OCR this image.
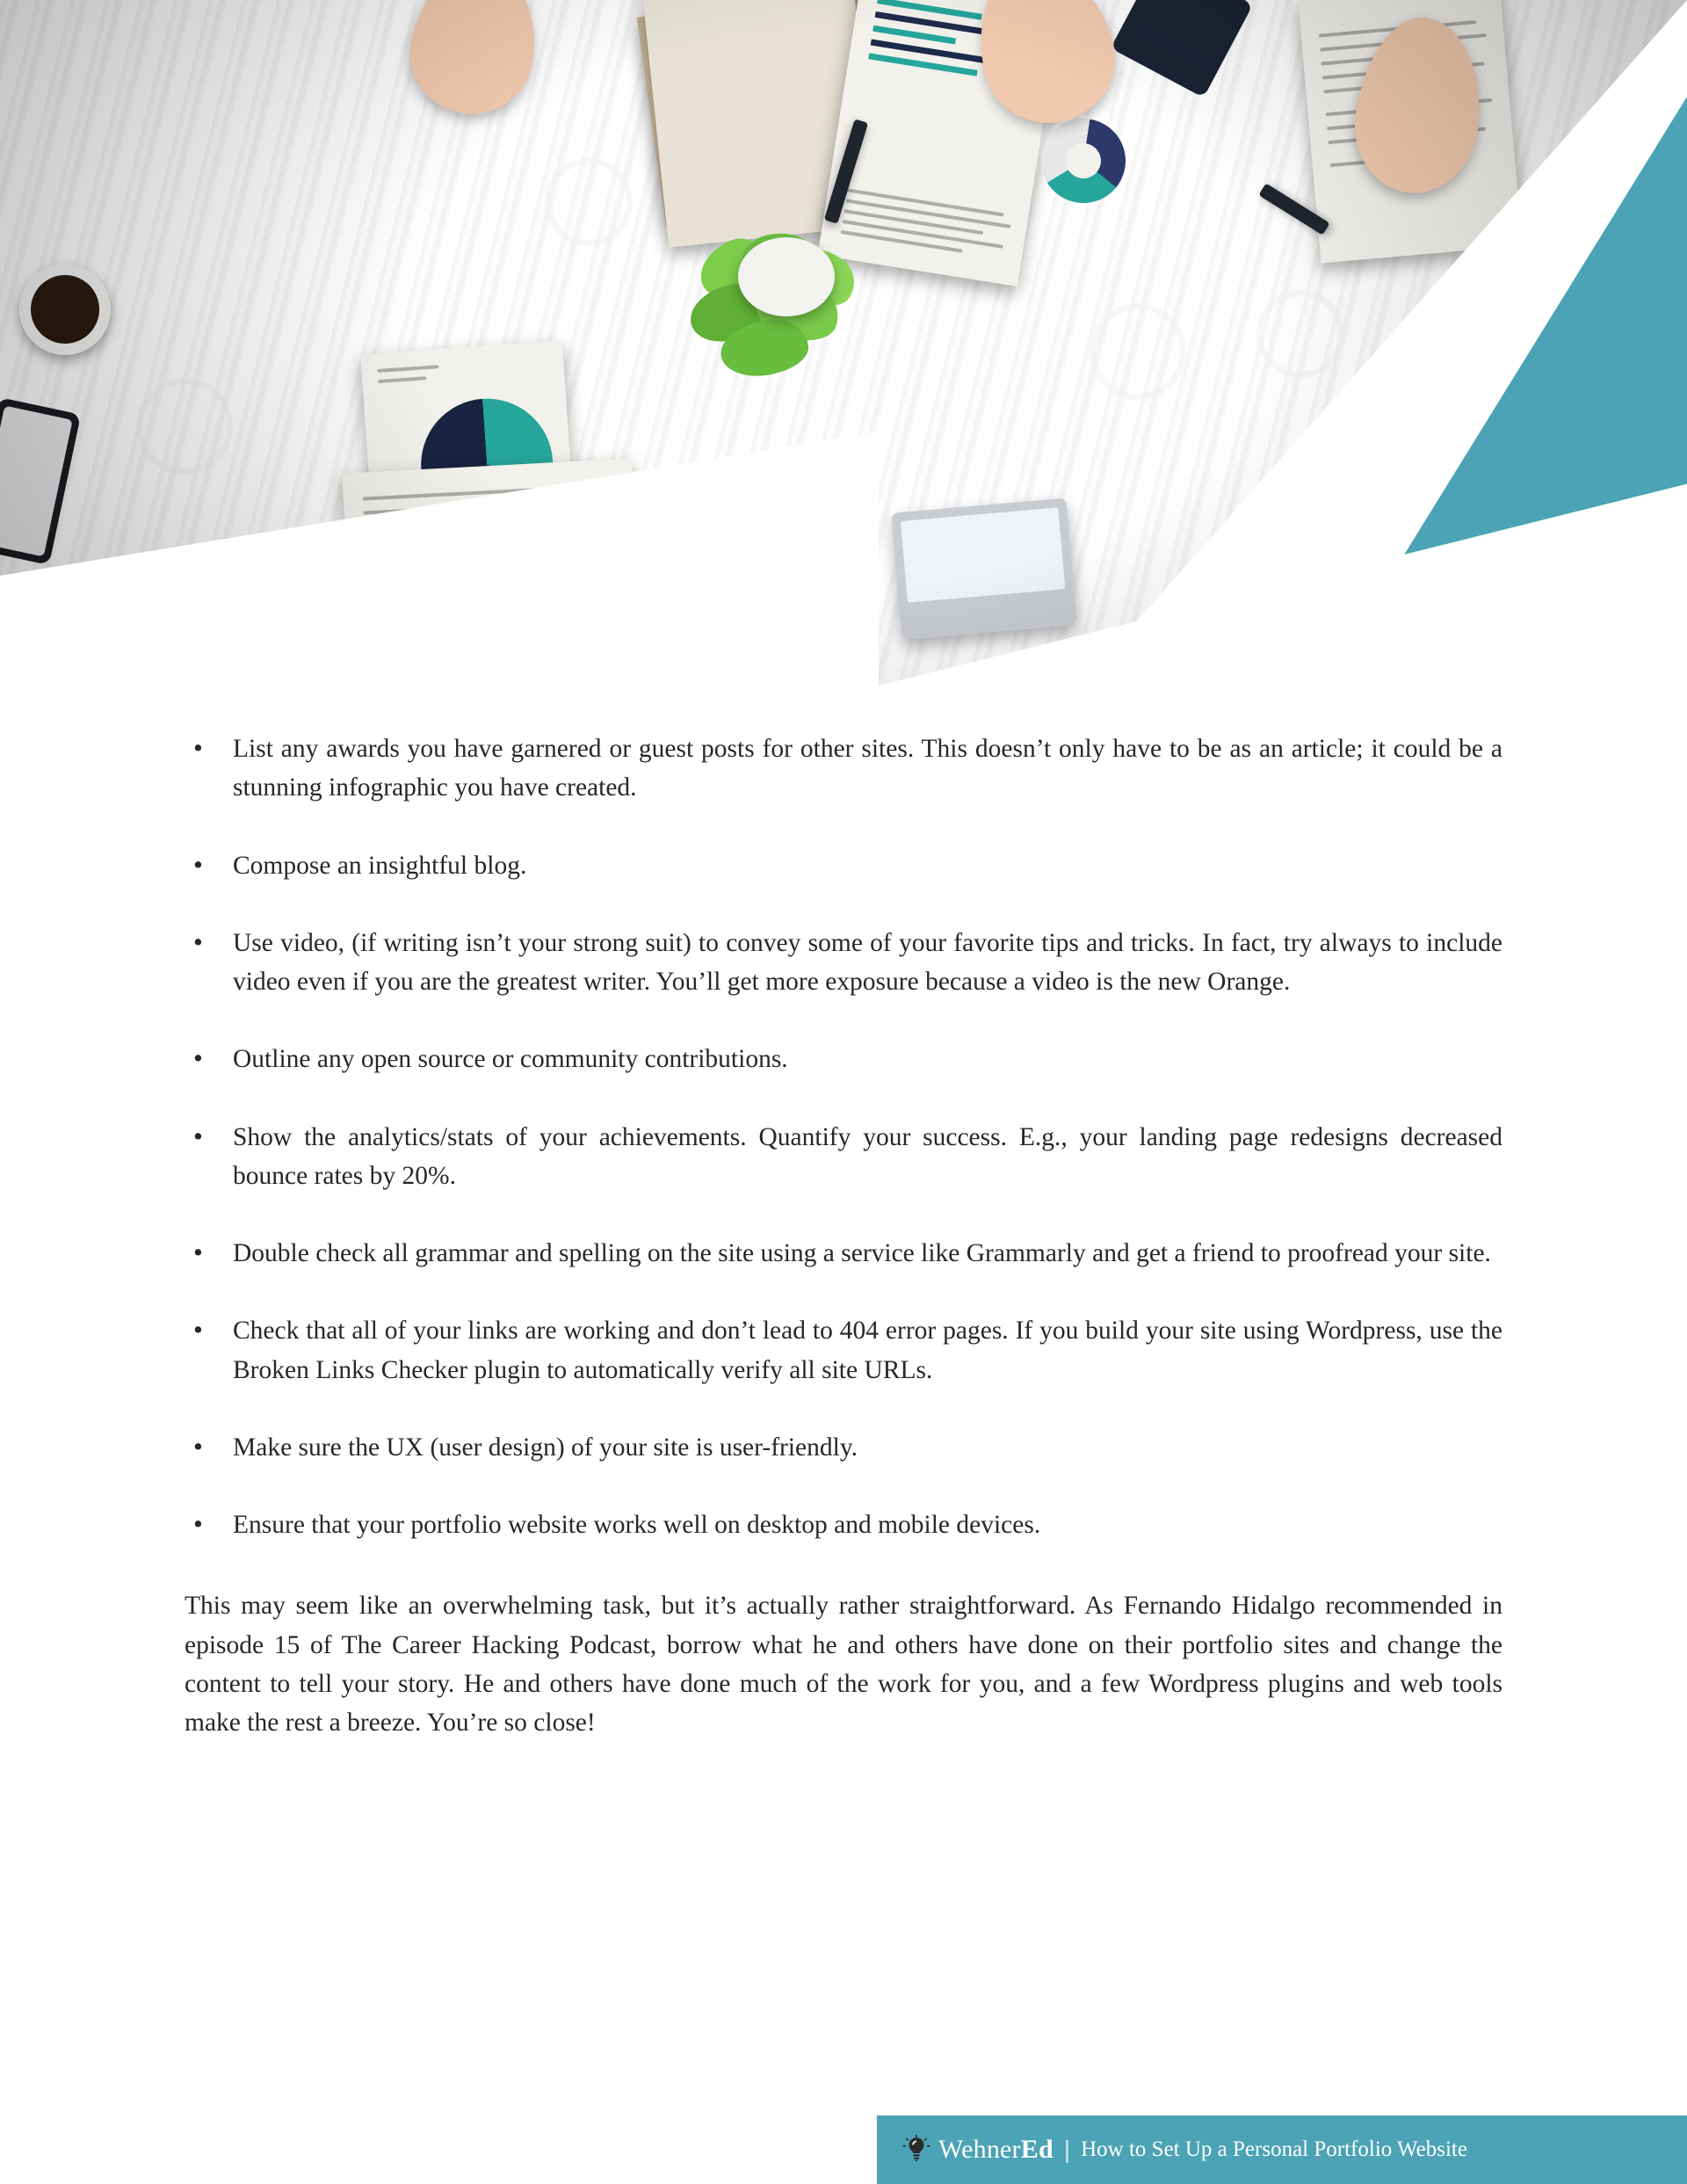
• List any awards you have garnered or guest posts for other sites. This doesn’t only have to be as an article; it could be a stunning infographic you have created.
• Compose an insightful blog.
• Use video, (if writing isn’t your strong suit) to convey some of your favorite tips and tricks. In fact, try always to include video even if you are the greatest writer. You’ll get more exposure because a video is the new Orange.
• Outline any open source or community contributions.
• Show the analytics/stats of your achievements. Quantify your success. E.g., your landing page redesigns decreased bounce rates by 20%.
• Double check all grammar and spelling on the site using a service like Grammarly and get a friend to proofread your site.
• Check that all of your links are working and don’t lead to 404 error pages. If you build your site using Wordpress, use the Broken Links Checker plugin to automatically verify all site URLs.
• Make sure the UX (user design) of your site is user-friendly.
• Ensure that your portfolio website works well on desktop and mobile devices.

This may seem like an overwhelming task, but it’s actually rather straightforward. As Fernando Hidalgo recommended in episode 15 of The Career Hacking Podcast, borrow what he and others have done on their portfolio sites and change the content to tell your story. He and others have done much of the work for you, and a few Wordpress plugins and web tools make the rest a breeze. You’re so close!

WehnerEd | How to Set Up a Personal Portfolio Website
